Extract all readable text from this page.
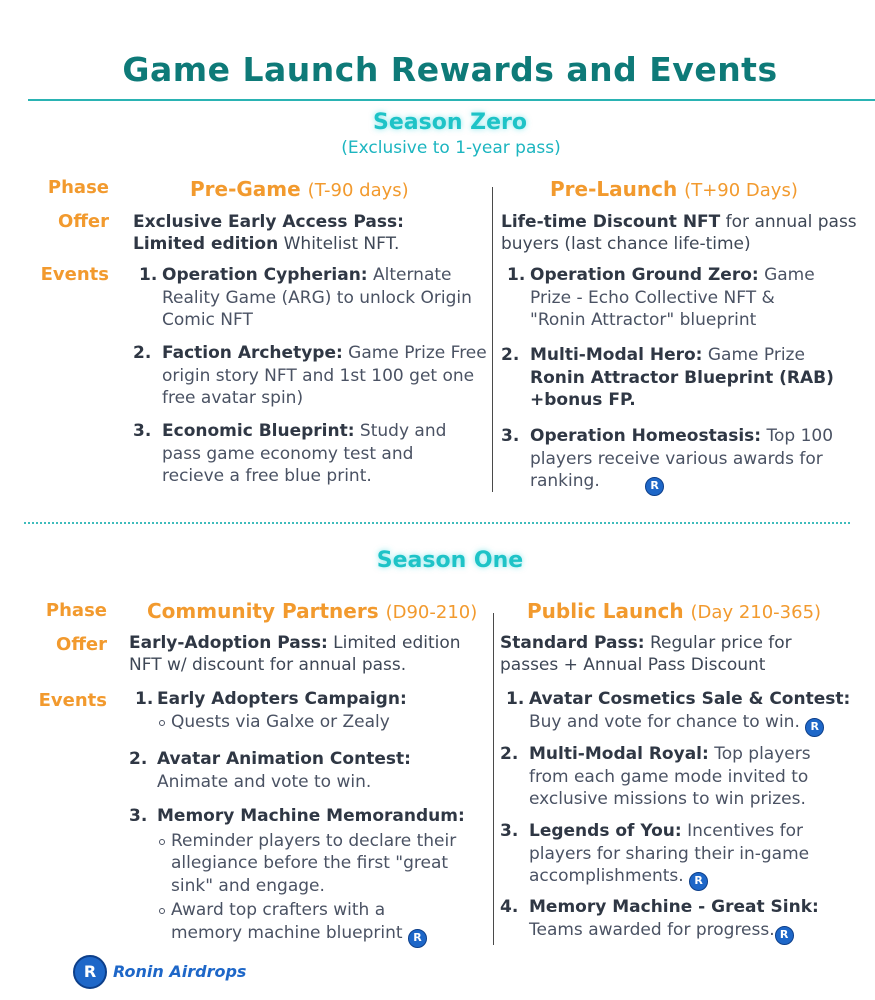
Game Launch Rewards and Events
Season Zero
(Exclusive to 1-year pass)
Phase
Offer
Events
Pre-Game (T-90 days)
Exclusive Early Access Pass:
Limited edition Whitelist NFT.
1. Operation Cypherian: Alternate Reality Game (ARG) to unlock Origin Comic NFT
2. Faction Archetype: Game Prize Free origin story NFT and 1st 100 get one free avatar spin)
3. Economic Blueprint: Study and pass game economy test and recieve a free blue print.
Pre-Launch (T+90 Days)
Life-time Discount NFT for annual pass buyers (last chance life-time)
1. Operation Ground Zero: Game Prize - Echo Collective NFT & "Ronin Attractor" blueprint
2. Multi-Modal Hero: Game Prize Ronin Attractor Blueprint (RAB) +bonus FP.
3. Operation Homeostasis: Top 100 players receive various awards for ranking.	R
Season One
Phase
Offer
Events
Community Partners (D90-210)
Early-Adoption Pass: Limited edition NFT w/ discount for annual pass.
1. Early Adopters Campaign:
Quests via Galxe or Zealy
2. Avatar Animation Contest:
Animate and vote to win.
3. Memory Machine Memorandum:
Reminder players to declare their allegiance before the first "great sink" and engage.
Award top crafters with a memory machine blueprint R
Public Launch (Day 210-365)
Standard Pass: Regular price for passes + Annual Pass Discount
1. Avatar Cosmetics Sale & Contest:
Buy and vote for chance to win. R
2. Multi-Modal Royal: Top players from each game mode invited to exclusive missions to win prizes.
3. Legends of You: Incentives for players for sharing their in-game accomplishments. R
4. Memory Machine - Great Sink:
Teams awarded for progress. R
R	Ronin Airdrops
